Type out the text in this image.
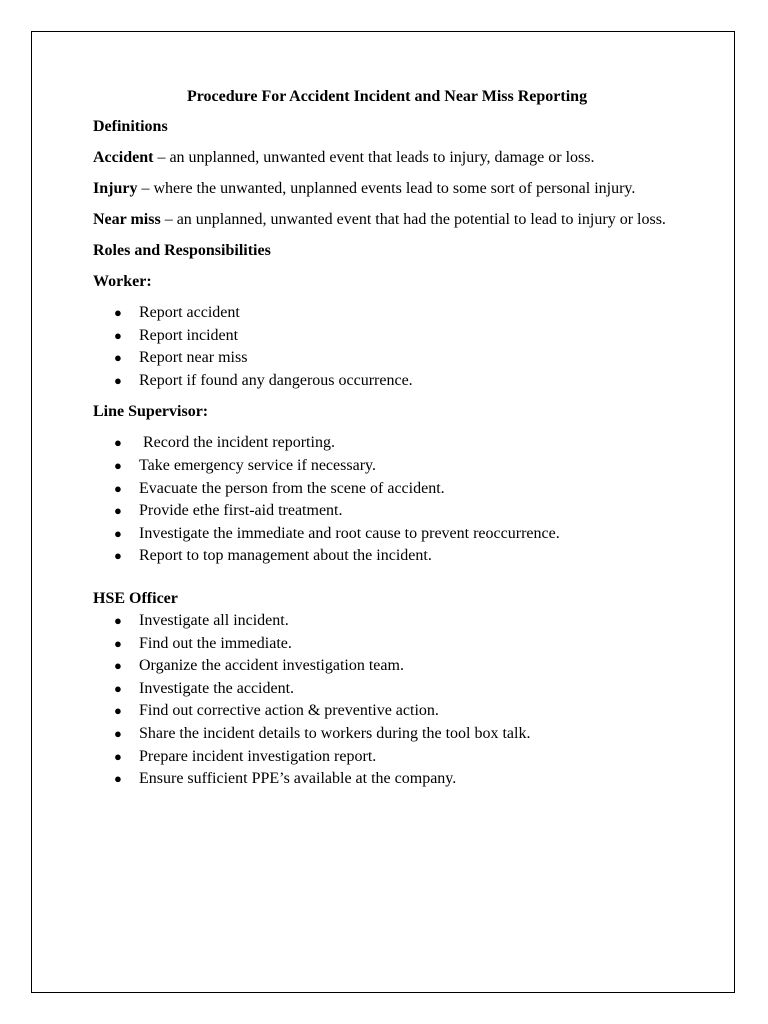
Procedure For Accident Incident and Near Miss Reporting
Definitions
Accident – an unplanned, unwanted event that leads to injury, damage or loss.
Injury – where the unwanted, unplanned events lead to some sort of personal injury.
Near miss – an unplanned, unwanted event that had the potential to lead to injury or loss.
Roles and Responsibilities
Worker:
● Report accident
● Report incident
● Report near miss
● Report if found any dangerous occurrence.
Line Supervisor:
● Record the incident reporting.
● Take emergency service if necessary.
● Evacuate the person from the scene of accident.
● Provide ethe first-aid treatment.
● Investigate the immediate and root cause to prevent reoccurrence.
● Report to top management about the incident.
HSE Officer
● Investigate all incident.
● Find out the immediate.
● Organize the accident investigation team.
● Investigate the accident.
● Find out corrective action & preventive action.
● Share the incident details to workers during the tool box talk.
● Prepare incident investigation report.
● Ensure sufficient PPE’s available at the company.
